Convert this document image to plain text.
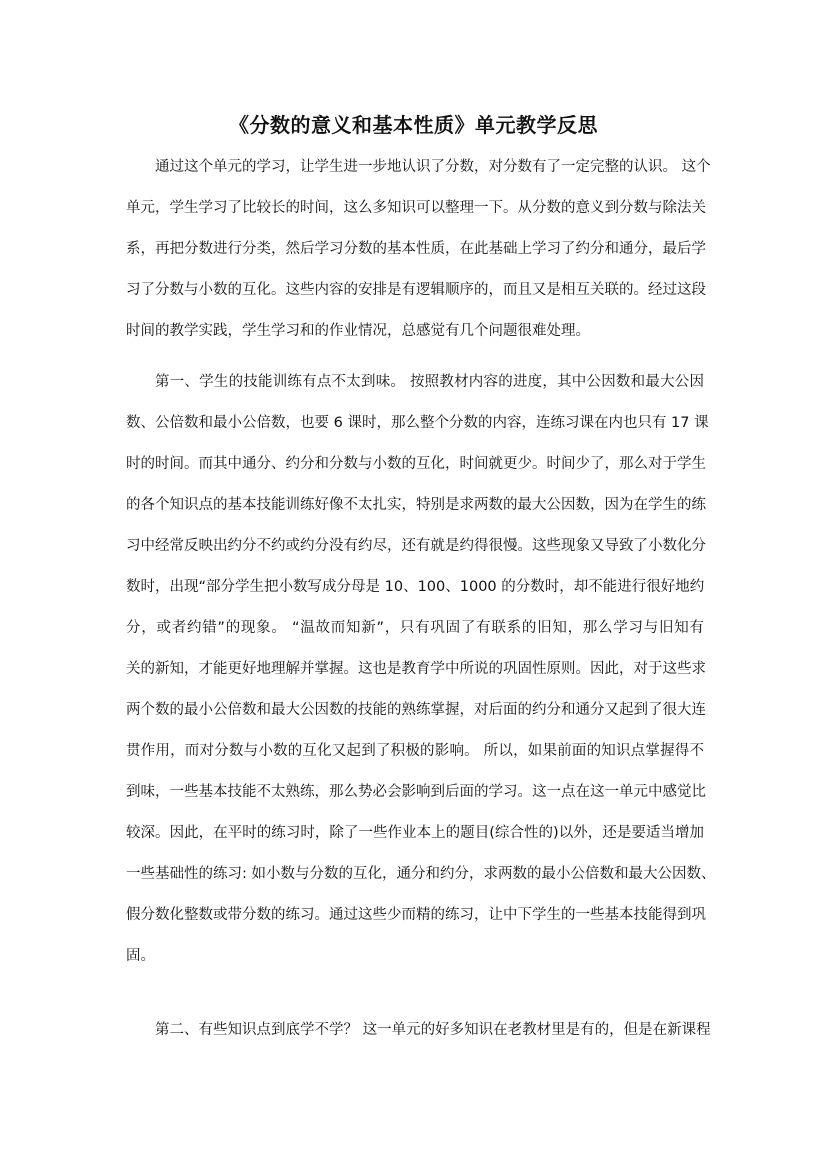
《分数的意义和基本性质》单元教学反思
通过这个单元的学习，让学生进一步地认识了分数，对分数有了一定完整的认识。 这个
单元，学生学习了比较长的时间，这么多知识可以整理一下。从分数的意义到分数与除法关
系，再把分数进行分类，然后学习分数的基本性质，在此基础上学习了约分和通分，最后学
习了分数与小数的互化。这些内容的安排是有逻辑顺序的，而且又是相互关联的。经过这段
时间的教学实践，学生学习和的作业情况，总感觉有几个问题很难处理。
第一、学生的技能训练有点不太到味。 按照教材内容的进度，其中公因数和最大公因
数、公倍数和最小公倍数，也要 6 课时，那么整个分数的内容，连练习课在内也只有 17 课
时的时间。而其中通分、约分和分数与小数的互化，时间就更少。时间少了，那么对于学生
的各个知识点的基本技能训练好像不太扎实，特别是求两数的最大公因数，因为在学生的练
习中经常反映出约分不约或约分没有约尽，还有就是约得很慢。这些现象又导致了小数化分
数时，出现“部分学生把小数写成分母是 10、100、1000 的分数时，却不能进行很好地约
分，或者约错”的现象。 “温故而知新”，只有巩固了有联系的旧知，那么学习与旧知有
关的新知，才能更好地理解并掌握。这也是教育学中所说的巩固性原则。因此，对于这些求
两个数的最小公倍数和最大公因数的技能的熟练掌握，对后面的约分和通分又起到了很大连
贯作用，而对分数与小数的互化又起到了积极的影响。 所以，如果前面的知识点掌握得不
到味，一些基本技能不太熟练，那么势必会影响到后面的学习。这一点在这一单元中感觉比
较深。因此，在平时的练习时，除了一些作业本上的题目(综合性的)以外，还是要适当增加
一些基础性的练习: 如小数与分数的互化，通分和约分，求两数的最小公倍数和最大公因数、
假分数化整数或带分数的练习。通过这些少而精的练习，让中下学生的一些基本技能得到巩
固。
第二、有些知识点到底学不学？ 这一单元的好多知识在老教材里是有的，但是在新课程
